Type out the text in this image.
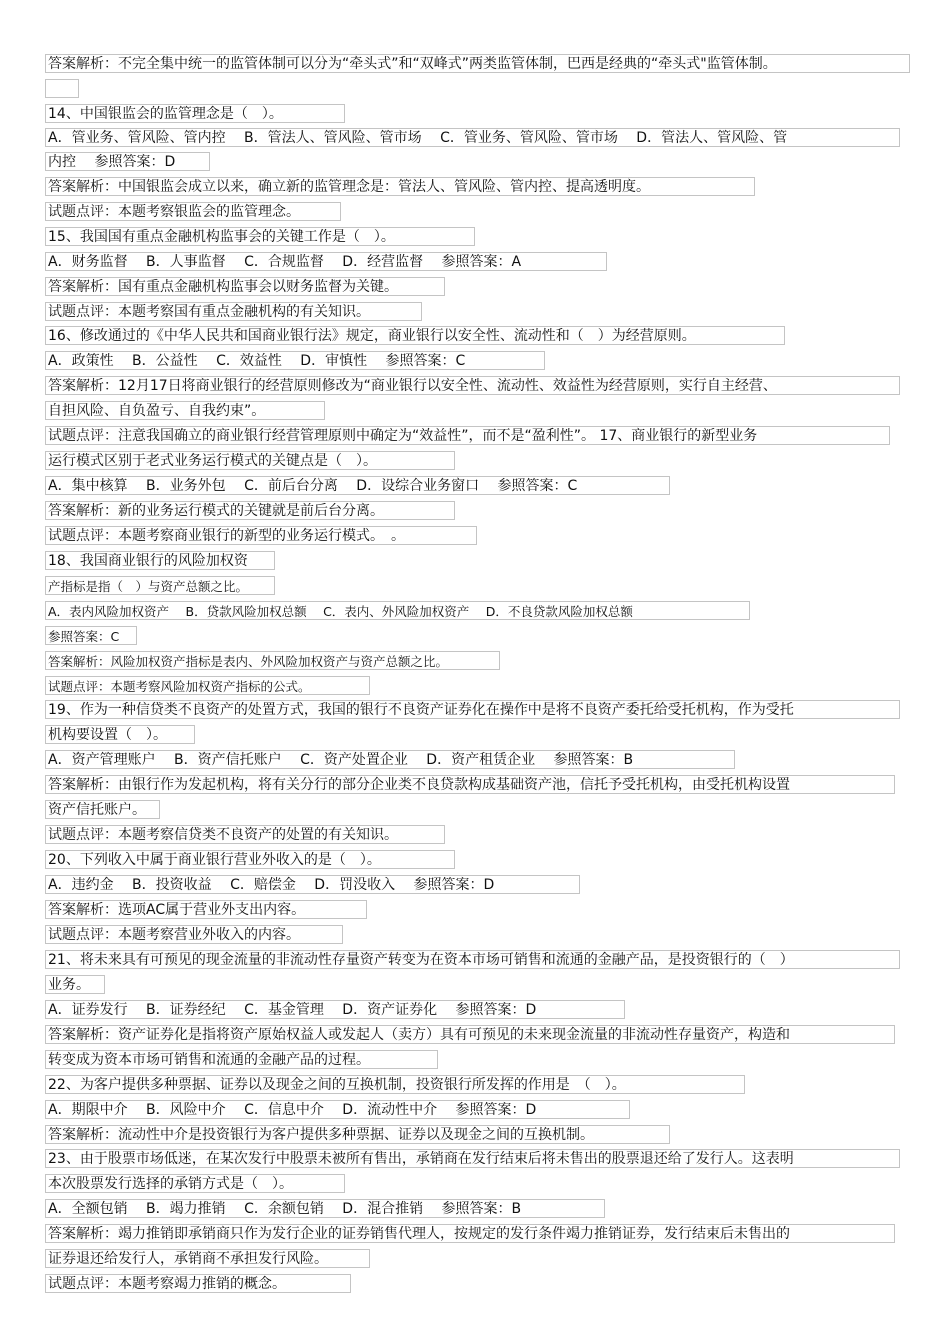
答案解析：不完全集中统一的监管体制可以分为“牵头式”和“双峰式”两类监管体制，巴西是经典的“牵头式"监管体制。
14、中国银监会的监管理念是（　）。
A．管业务、管风险、管内控　 B．管法人、管风险、管市场　 C．管业务、管风险、管市场　 D．管法人、管风险、管
内控　 参照答案：D
答案解析：中国银监会成立以来，确立新的监管理念是：管法人、管风险、管内控、提高透明度。
试题点评：本题考察银监会的监管理念。
15、我国国有重点金融机构监事会的关键工作是（　）。
A．财务监督　 B．人事监督　 C．合规监督　 D．经营监督　 参照答案：A
答案解析：国有重点金融机构监事会以财务监督为关键。
试题点评：本题考察国有重点金融机构的有关知识。
16、修改通过的《中华人民共和国商业银行法》规定，商业银行以安全性、流动性和（　）为经营原则。
A．政策性　 B．公益性　 C．效益性　 D．审慎性　 参照答案：C
答案解析：12月17日将商业银行的经营原则修改为“商业银行以安全性、流动性、效益性为经营原则，实行自主经营、
自担风险、自负盈亏、自我约束”。
试题点评：注意我国确立的商业银行经营管理原则中确定为“效益性”，而不是“盈利性”。 17、商业银行的新型业务
运行模式区别于老式业务运行模式的关键点是（　）。
A．集中核算　 B．业务外包　 C．前后台分离　 D．设综合业务窗口　 参照答案：C
答案解析：新的业务运行模式的关键就是前后台分离。
试题点评：本题考察商业银行的新型的业务运行模式。　。
18、我国商业银行的风险加权资
产指标是指（　）与资产总额之比。
A．表内风险加权资产　 B．贷款风险加权总额　 C．表内、外风险加权资产　 D．不良贷款风险加权总额
参照答案：C
答案解析：风险加权资产指标是表内、外风险加权资产与资产总额之比。
试题点评：本题考察风险加权资产指标的公式。
19、作为一种信贷类不良资产的处置方式，我国的银行不良资产证券化在操作中是将不良资产委托给受托机构，作为受托
机构要设置（　）。
A．资产管理账户　 B．资产信托账户　 C．资产处置企业　 D．资产租赁企业　 参照答案：B
答案解析：由银行作为发起机构，将有关分行的部分企业类不良贷款构成基础资产池，信托予受托机构，由受托机构设置
资产信托账户。
试题点评：本题考察信贷类不良资产的处置的有关知识。
20、下列收入中属于商业银行营业外收入的是（　）。
A．违约金　 B．投资收益　 C．赔偿金　 D．罚没收入　 参照答案：D
答案解析：选项AC属于营业外支出内容。
试题点评：本题考察营业外收入的内容。
21、将未来具有可预见的现金流量的非流动性存量资产转变为在资本市场可销售和流通的金融产品，是投资银行的（　）
业务。
A．证券发行　 B．证券经纪　 C．基金管理　 D．资产证券化　 参照答案：D
答案解析：资产证券化是指将资产原始权益人或发起人（卖方）具有可预见的未来现金流量的非流动性存量资产，构造和
转变成为资本市场可销售和流通的金融产品的过程。
22、为客户提供多种票据、证券以及现金之间的互换机制，投资银行所发挥的作用是　（　）。
A．期限中介　 B．风险中介　 C．信息中介　 D．流动性中介　 参照答案：D
答案解析：流动性中介是投资银行为客户提供多种票据、证券以及现金之间的互换机制。
23、由于股票市场低迷，在某次发行中股票未被所有售出，承销商在发行结束后将未售出的股票退还给了发行人。这表明
本次股票发行选择的承销方式是（　）。
A．全额包销　 B．竭力推销　 C．余额包销　 D．混合推销　 参照答案：B
答案解析：竭力推销即承销商只作为发行企业的证券销售代理人，按规定的发行条件竭力推销证券，发行结束后未售出的
证券退还给发行人，承销商不承担发行风险。
试题点评：本题考察竭力推销的概念。
